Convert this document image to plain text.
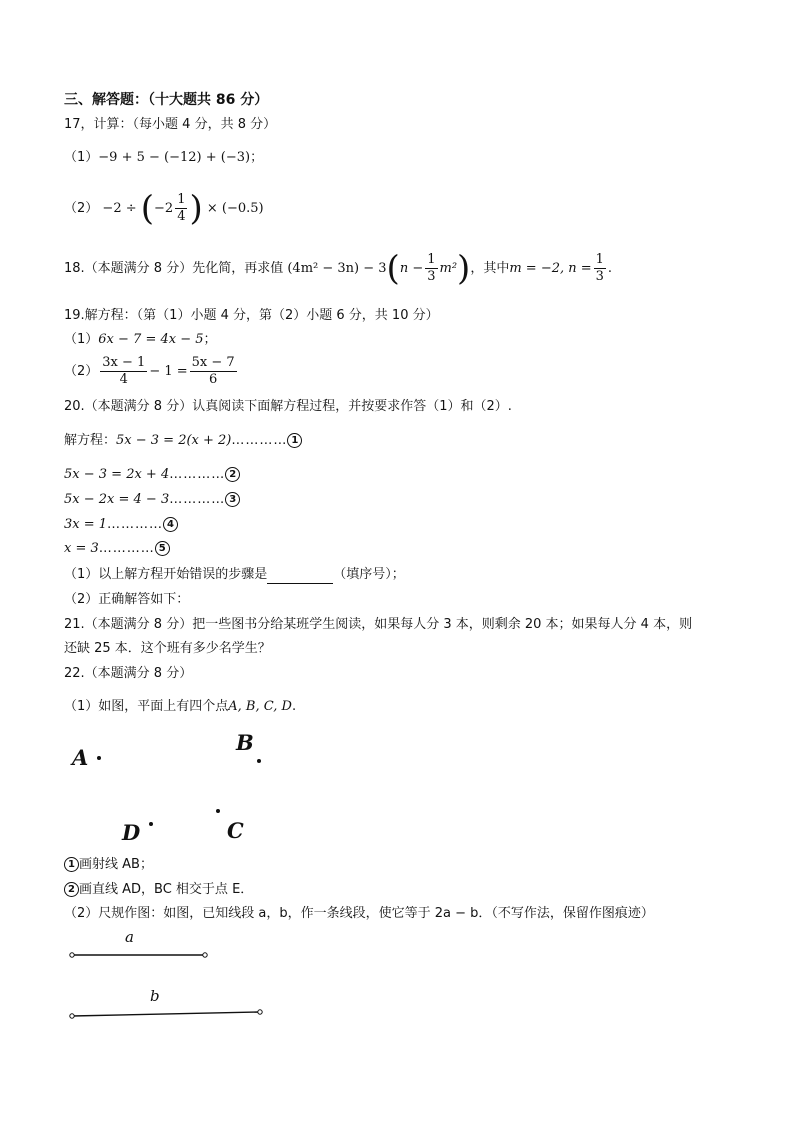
三、解答题：（十大题共 86 分）
17，计算：（每小题 4 分，共 8 分）
（1）−9 + 5 − (−12) + (−3)；
$(2) -2 \div (-2 \frac{1}{4}$ ) × (−0.5)
18.（本题满分 8 分）先化简，再求值 $(4m^2 - 3n) - 3(n - \frac{1}{3} m^2)$，其中m = −2, $n = \frac{1}{3}$ .
19.解方程：（第（1）小题 4 分，第（2）小题 6 分，共 10 分）
（1）6x − 7 = 4x − 5；
$(2) \frac{3x - 1}{4} - 1 = \frac{5x - 7}{6}$
20.（本题满分 8 分）认真阅读下面解方程过程，并按要求作答（1）和（2）.
解方程：5x − 3 = 2(x + 2)………… 1
5x − 3 = 2x + 4………… 2
5x − 2x = 4 − 3………… 3
3x = 1………… 4
x = 3………… 5
（1）以上解方程开始错误的步骤是	（填序号）；
（2）正确解答如下：
21.（本题满分 8 分）把一些图书分给某班学生阅读，如果每人分 3 本，则剩余 20 本；如果每人分 4 本，则
还缺 25 本．这个班有多少名学生？
22.（本题满分 8 分）
（1）如图，平面上有四个点A, B, C, D.
A
B
D	C
1 画射线 AB；
2 画直线 AD，BC 相交于点 E．
（2）尺规作图：如图，已知线段 a，b，作一条线段，使它等于 2a − b．（不写作法，保留作图痕迹）
a
b
